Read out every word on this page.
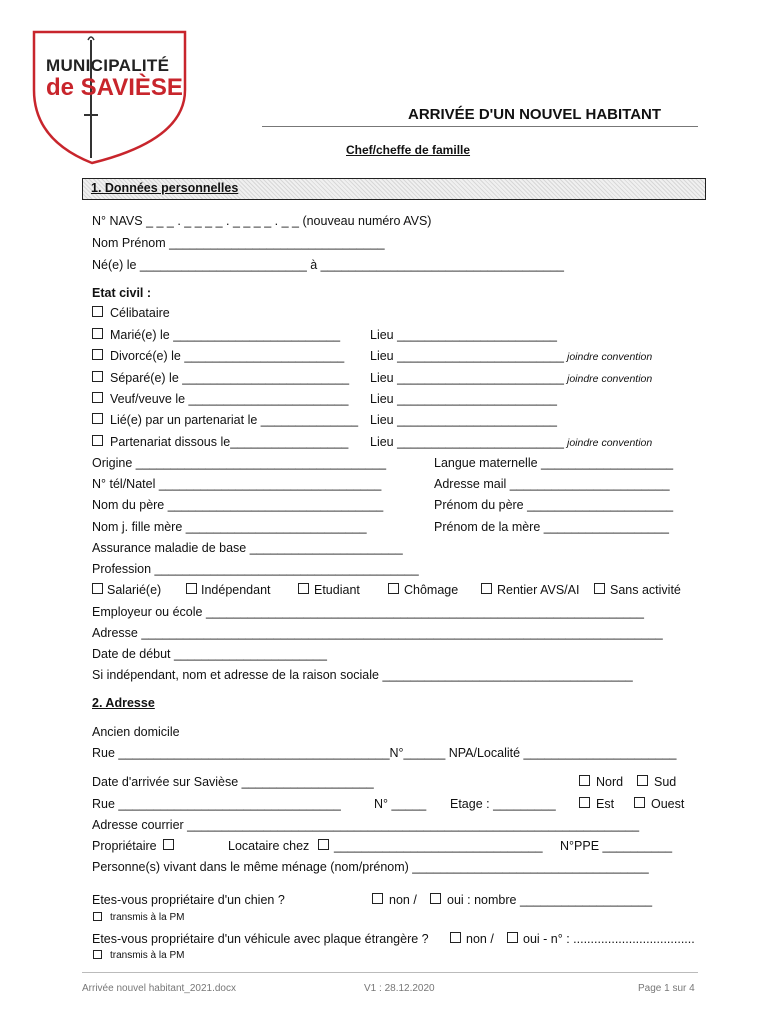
MUNICIPALITÉ
de SAVIÈSE
ARRIVÉE D'UN NOUVEL HABITANT
Chef/cheffe de famille
1. Données personnelles
N° NAVS _ _ _ . _ _ _ _ . _ _ _ _ . _ _ (nouveau numéro AVS)
Nom Prénom _______________________________
Né(e) le ________________________ à ___________________________________
Etat civil :
Célibataire
Marié(e) le ________________________ Lieu _______________________
Divorcé(e) le _______________________ Lieu ________________________ joindre convention
Séparé(e) le ________________________ Lieu ________________________ joindre convention
Veuf/veuve le _______________________ Lieu _______________________
Lié(e) par un partenariat le ______________ Lieu _______________________
Partenariat dissous le_________________ Lieu ________________________ joindre convention
Origine ____________________________________	Langue maternelle ___________________
N° tél/Natel ________________________________	Adresse mail _______________________
Nom du père _______________________________	Prénom du père _____________________
Nom j. fille mère __________________________	Prénom de la mère __________________
Assurance maladie de base ______________________
Profession ______________________________________
Salarié(e)	Indépendant	Etudiant	Chômage	Rentier AVS/AI Sans activité
Employeur ou école _______________________________________________________________
Adresse ___________________________________________________________________________
Date de début ______________________
Si indépendant, nom et adresse de la raison sociale ____________________________________
2. Adresse
Ancien domicile
Rue _______________________________________N°______ NPA/Localité ______________________
Date d'arrivée sur Savièse ___________________	Nord Sud
Rue ________________________________	N° _____ Etage : _________	Est	Ouest
Adresse courrier _________________________________________________________________
Propriétaire	Locataire chez ______________________________ N°PPE __________
Personne(s) vivant dans le même ménage (nom/prénom) __________________________________
Etes-vous propriétaire d'un chien ?	non / oui : nombre ___________________
transmis à la PM
Etes-vous propriétaire d'un véhicule avec plaque étrangère ?	non / oui - n° : ...................................
transmis à la PM
Arrivée nouvel habitant_2021.docx	V1 : 28.12.2020	Page 1 sur 4
